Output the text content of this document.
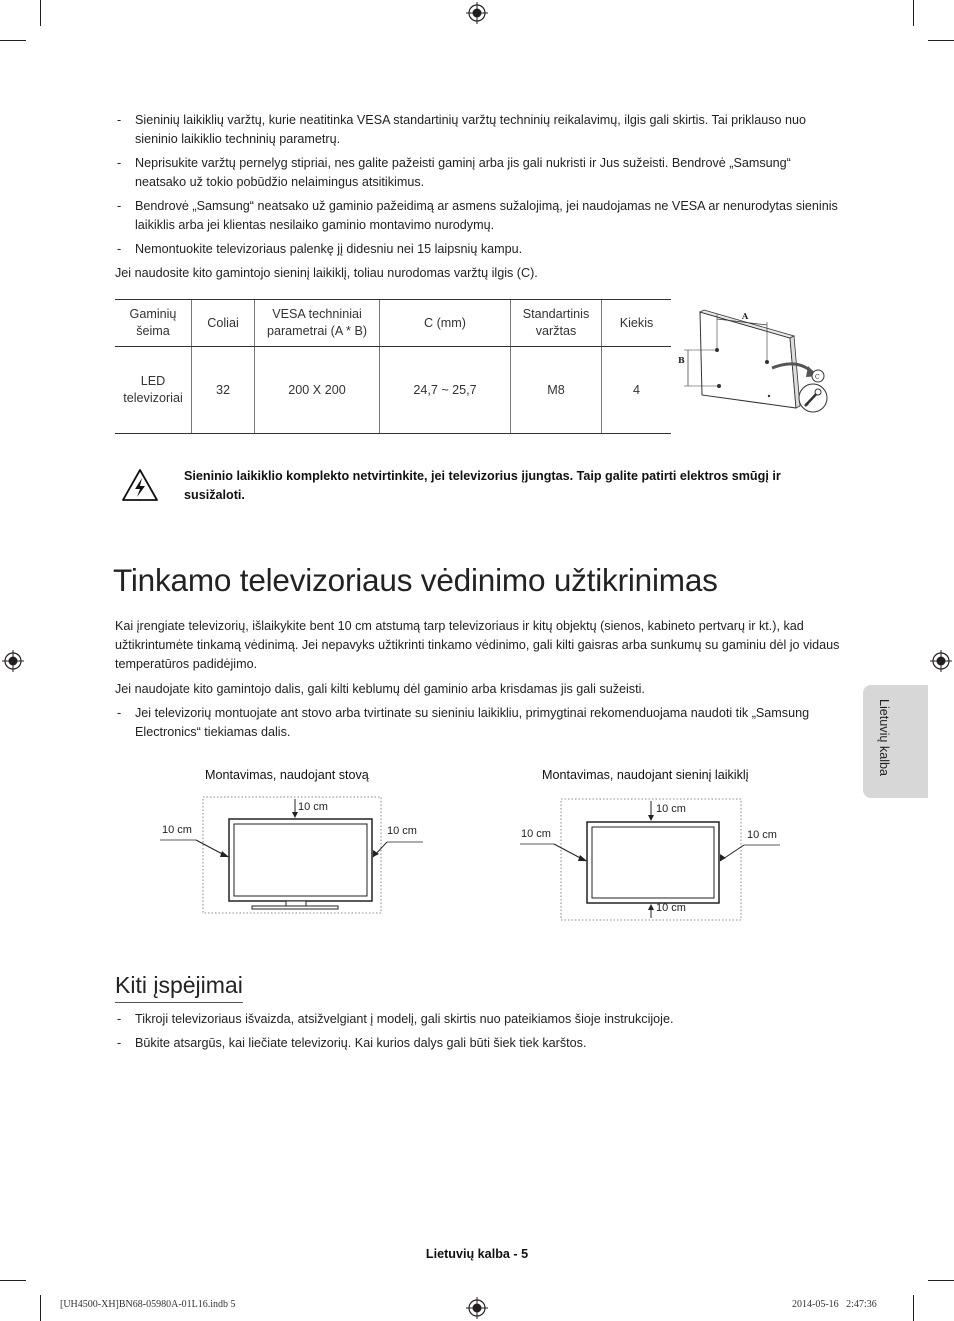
- Sieninių laikiklių varžtų, kurie neatitinka VESA standartinių varžtų techninių reikalavimų, ilgis gali skirtis. Tai priklauso nuo sieninio laikiklio techninių parametrų.
- Neprisukite varžtų pernelyg stipriai, nes galite pažeisti gaminį arba jis gali nukristi ir Jus sužeisti. Bendrovė „Samsung“ neatsako už tokio pobūdžio nelaimingus atsitikimus.
- Bendrovė „Samsung“ neatsako už gaminio pažeidimą ar asmens sužalojimą, jei naudojamas ne VESA ar nenurodytas sieninis laikiklis arba jei klientas nesilaiko gaminio montavimo nurodymų.
- Nemontuokite televizoriaus palenkę jį didesniu nei 15 laipsnių kampu.
Jei naudosite kito gamintojo sieninį laikiklį, toliau nurodomas varžtų ilgis (C).
Gaminių šeima	Coliai	VESA techniniai parametrai (A * B)	C (mm)	Standartinis varžtas	Kiekis
LED televizoriai	32	200 X 200	24,7 ~ 25,7	M8	4
A
B
C
Sieninio laikiklio komplekto netvirtinkite, jei televizorius įjungtas. Taip galite patirti elektros smūgį ir susižaloti.
Tinkamo televizoriaus vėdinimo užtikrinimas
Kai įrengiate televizorių, išlaikykite bent 10 cm atstumą tarp televizoriaus ir kitų objektų (sienos, kabineto pertvarų ir kt.), kad užtikrintumėte tinkamą vėdinimą. Jei nepavyks užtikrinti tinkamo vėdinimo, gali kilti gaisras arba sunkumų su gaminiu dėl jo vidaus temperatūros padidėjimo.
Jei naudojate kito gamintojo dalis, gali kilti keblumų dėl gaminio arba krisdamas jis gali sužeisti.
- Jei televizorių montuojate ant stovo arba tvirtinate su sieniniu laikikliu, primygtinai rekomenduojama naudoti tik „Samsung Electronics“ tiekiamas dalis.
Montavimas, naudojant stovą
10 cm
10 cm	10 cm
Montavimas, naudojant sieninį laikiklį
10 cm
10 cm	10 cm
10 cm
Kiti įspėjimai
- Tikroji televizoriaus išvaizda, atsižvelgiant į modelį, gali skirtis nuo pateikiamos šioje instrukcijoje.
- Būkite atsargūs, kai liečiate televizorių. Kai kurios dalys gali būti šiek tiek karštos.
Lietuvių kalba
Lietuvių kalba - 5
[UH4500-XH]BN68-05980A-01L16.indb 5	2014-05-16   2:47:36
